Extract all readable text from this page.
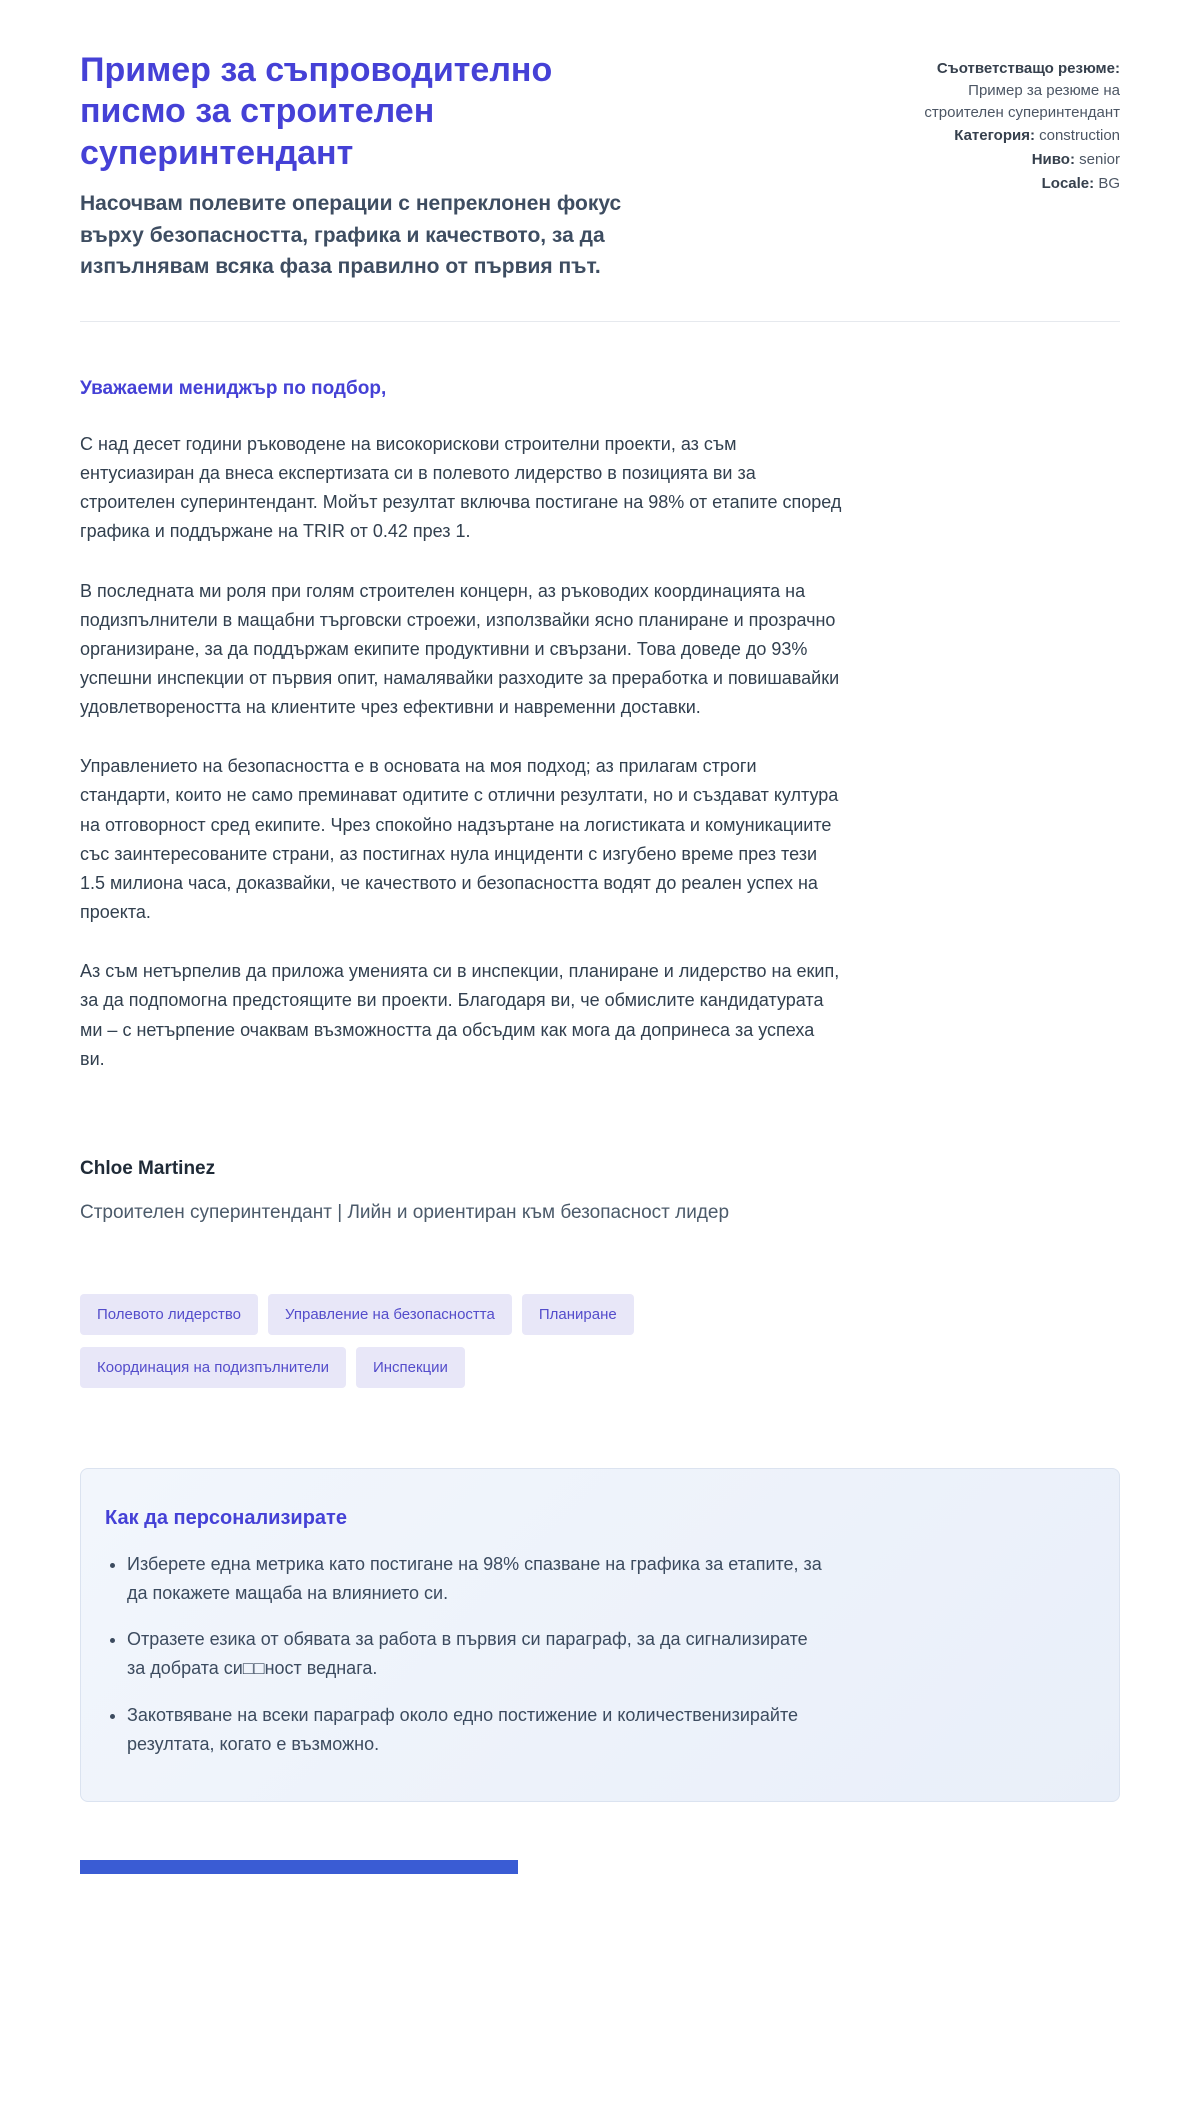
Пример за съпроводително писмо за строителен суперинтендант

Насочвам полевите операции с непреклонен фокус върху безопасността, графика и качеството, за да изпълнявам всяка фаза правилно от първия път.

Съответстващо резюме: Пример за резюме на строителен суперинтендант

Категория: construction

Ниво: senior

Locale: BG

Уважаеми мениджър по подбор,

С над десет години ръководене на високорискови строителни проекти, аз съм ентусиазиран да внеса експертизата си в полевото лидерство в позицията ви за строителен суперинтендант. Мойът резултат включва постигане на 98% от етапите според графика и поддържане на TRIR от 0.42 през 1.

В последната ми роля при голям строителен концерн, аз ръководих координацията на подизпълнители в мащабни търговски строежи, използвайки ясно планиране и прозрачно организиране, за да поддържам екипите продуктивни и свързани. Това доведе до 93% успешни инспекции от първия опит, намалявайки разходите за преработка и повишавайки удовлетвореността на клиентите чрез ефективни и навременни доставки.

Управлението на безопасността е в основата на моя подход; аз прилагам строги стандарти, които не само преминават одитите с отлични резултати, но и създават култура на отговорност сред екипите. Чрез спокойно надзъртане на логистиката и комуникациите със заинтересованите страни, аз постигнах нула инциденти с изгубено време през тези 1.5 милиона часа, доказвайки, че качеството и безопасността водят до реален успех на проекта.

Аз съм нетърпелив да приложа уменията си в инспекции, планиране и лидерство на екип, за да подпомогна предстоящите ви проекти. Благодаря ви, че обмислите кандидатурата ми – с нетърпение очаквам възможността да обсъдим как мога да допринеса за успеха ви.

Chloe Martinez

Строителен суперинтендант | Лийн и ориентиран към безопасност лидер

Полевото лидерство	Управление на безопасността	Планиране
Координация на подизпълнители	Инспекции
Как да персонализирате
• Изберете една метрика като постигане на 98% спазване на графика за етапите, за да покажете мащаба на влиянието си.
• Отразете езика от обявата за работа в първия си параграф, за да сигнализирате за добрата си□□ност веднага.
• Закотвяване на всеки параграф около едно постижение и количественизирайте резултата, когато е възможно.
